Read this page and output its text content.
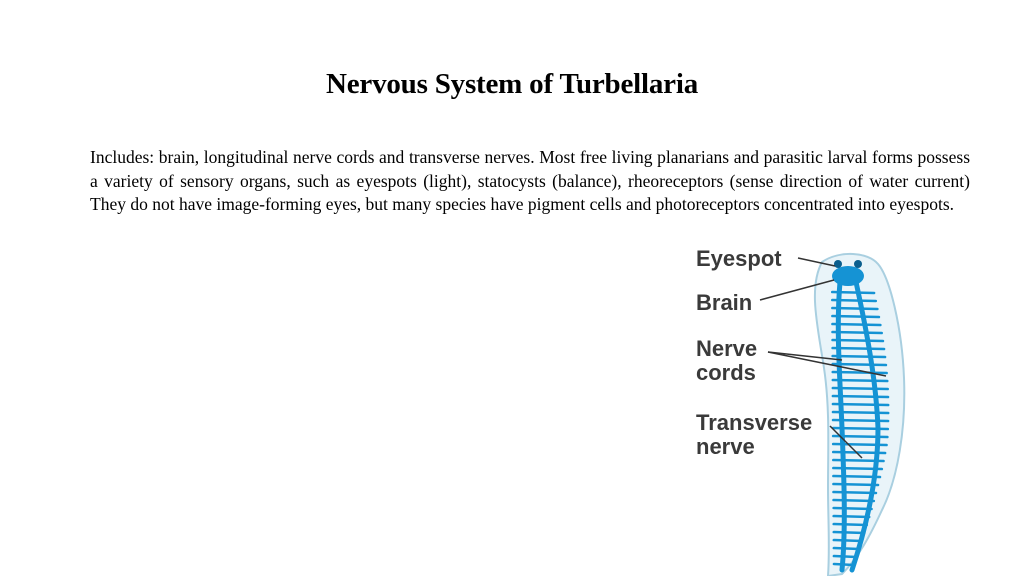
Nervous System of Turbellaria

Includes: brain, longitudinal nerve cords and transverse nerves. Most free living planarians and parasitic larval forms possess a variety of sensory organs, such as eyespots (light), statocysts (balance), rheoreceptors (sense direction of water current) They do not have image-forming eyes, but many species have pigment cells and photoreceptors concentrated into eyespots.

Eyespot
Brain
Nerve
cords
Transverse
nerve
